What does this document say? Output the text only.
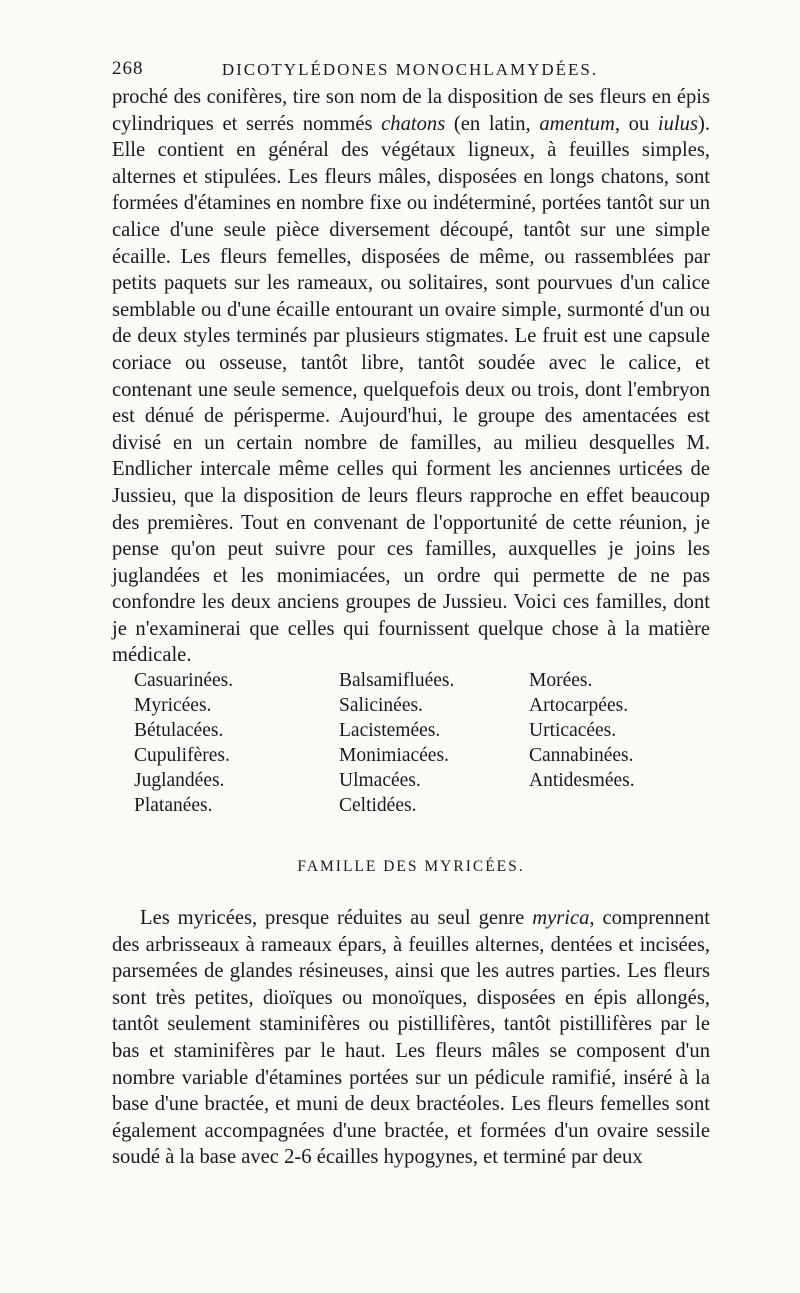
268	DICOTYLÉDONES MONOCHLAMYDÉES.

proché des conifères, tire son nom de la disposition de ses fleurs en épis cylindriques et serrés nommés chatons (en latin, amentum, ou iulus). Elle contient en général des végétaux ligneux, à feuilles simples, alternes et stipulées. Les fleurs mâles, disposées en longs chatons, sont formées d'étamines en nombre fixe ou indéterminé, portées tantôt sur un calice d'une seule pièce diversement découpé, tantôt sur une simple écaille. Les fleurs femelles, disposées de même, ou rassemblées par petits paquets sur les rameaux, ou solitaires, sont pourvues d'un calice semblable ou d'une écaille entourant un ovaire simple, surmonté d'un ou de deux styles terminés par plusieurs stigmates. Le fruit est une capsule coriace ou osseuse, tantôt libre, tantôt soudée avec le calice, et contenant une seule semence, quelquefois deux ou trois, dont l'embryon est dénué de périsperme. Aujourd'hui, le groupe des amentacées est divisé en un certain nombre de familles, au milieu desquelles M. Endlicher intercale même celles qui forment les anciennes urticées de Jussieu, que la disposition de leurs fleurs rapproche en effet beaucoup des premières. Tout en convenant de l'opportunité de cette réunion, je pense qu'on peut suivre pour ces familles, auxquelles je joins les juglandées et les monimiacées, un ordre qui permette de ne pas confondre les deux anciens groupes de Jussieu. Voici ces familles, dont je n'examinerai que celles qui fournissent quelque chose à la matière médicale.

Casuarinées.
Myricées.
Bétulacées.
Cupulifères.
Juglandées.
Platanées.
Balsamifluées.
Salicinées.
Lacistemées.
Monimiacées.
Ulmacées.
Celtidées.
Morées.
Artocarpées.
Urticacées.
Cannabinées.
Antidesmées.
FAMILLE DES MYRICÉES.

Les myricées, presque réduites au seul genre myrica, comprennent des arbrisseaux à rameaux épars, à feuilles alternes, dentées et incisées, parsemées de glandes résineuses, ainsi que les autres parties. Les fleurs sont très petites, dioïques ou monoïques, disposées en épis allongés, tantôt seulement staminifères ou pistillifères, tantôt pistillifères par le bas et staminifères par le haut. Les fleurs mâles se composent d'un nombre variable d'étamines portées sur un pédicule ramifié, inséré à la base d'une bractée, et muni de deux bractéoles. Les fleurs femelles sont également accompagnées d'une bractée, et formées d'un ovaire sessile soudé à la base avec 2-6 écailles hypogynes, et terminé par deux
